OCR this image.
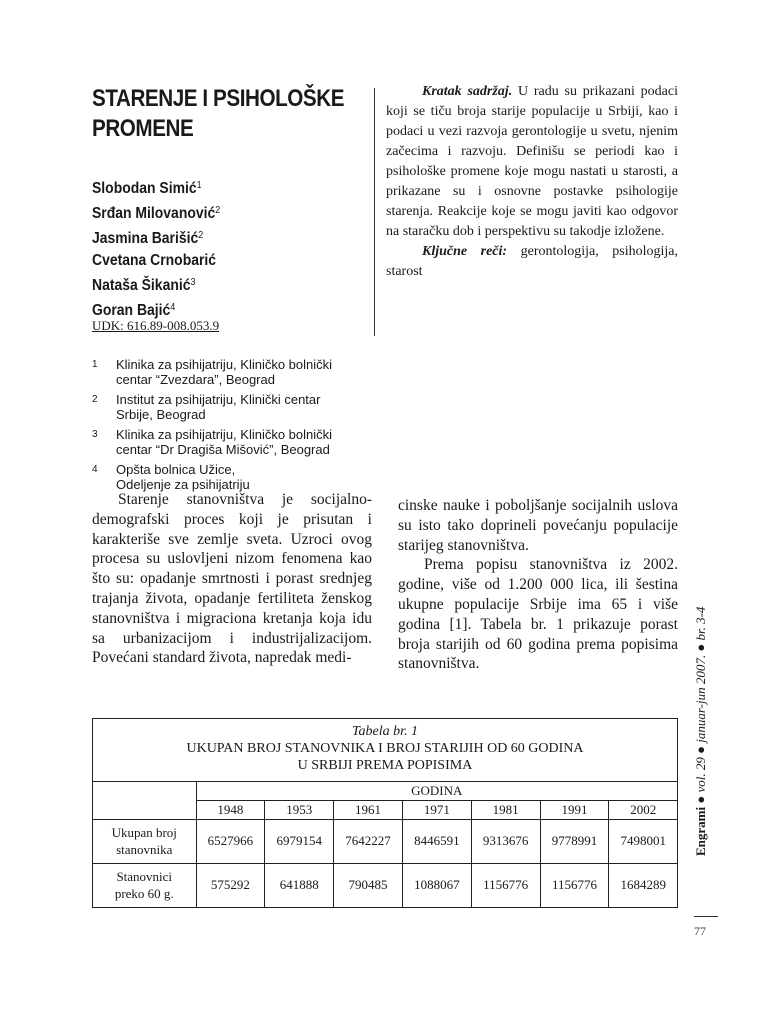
STARENJE I PSIHOLOŠKE
PROMENE
Slobodan Simić$^1$
Srđan Milovanović$^2$
Jasmina Barišić$^2$
Cvetana Crnobarić
Nataša Šikanić$^3$
Goran Bajić$^4$
UDK: 616.89-008.053.9
1	Klinika za psihijatriju, Kliničko bolnički
centar “Zvezdara”, Beograd
2	Institut za psihijatriju, Klinički centar
Srbije, Beograd
3	Klinika za psihijatriju, Kliničko bolnički
centar “Dr Dragiša Mišović”, Beograd
4	Opšta bolnica Užice,
Odeljenje za psihijatriju

Kratak sadržaj. U radu su prikazani podaci koji se tiču broja starije populacije u Srbiji, kao i podaci u vezi razvoja gerontologije u svetu, njenim začecima i razvoju. Definišu se periodi kao i psihološke promene koje mogu nastati u starosti, a prikazane su i osnovne postavke psihologije starenja. Reakcije koje se mogu javiti kao odgovor na staračku dob i perspektivu su takodje izložene.

Ključne reči: gerontologija, psihologija, starost

Starenje stanovništva je socijalno-demografski proces koji je prisutan i karakteriše sve zemlje sveta. Uzroci ovog procesa su uslovljeni nizom fenomena kao što su: opadanje smrtnosti i porast srednjeg trajanja života, opadanje fertiliteta ženskog stanovništva i migraciona kretanja koja idu sa urbanizacijom i industrijalizacijom. Povećani standard života, napredak medi-

cinske nauke i poboljšanje socijalnih uslova su isto tako doprineli povećanju populacije starijeg stanovništva.

Prema popisu stanovništva iz 2002. godine, više od 1.200 000 lica, ili šestina ukupne populacije Srbije ima 65 i više godina [1]. Tabela br. 1 prikazuje porast broja starijih od 60 godina prema popisima stanovništva.

Tabela br. 1
UKUPAN BROJ STANOVNIKA I BROJ STARIJIH OD 60 GODINA
U SRBIJI PREMA POPISIMA
	GODINA						
	1948	1953	1961	1971	1981	1991	2002

Ukupan broj
stanovnika	6527966	6979154	7642227	8446591	9313676	9778991	7498001

Stanovnici
preko 60 g.	575292	641888	790485	1088067	1156776	1156776	1684289
Engrami ● vol. 29 ● januar-jun 2007. ● br. 3-4
77
